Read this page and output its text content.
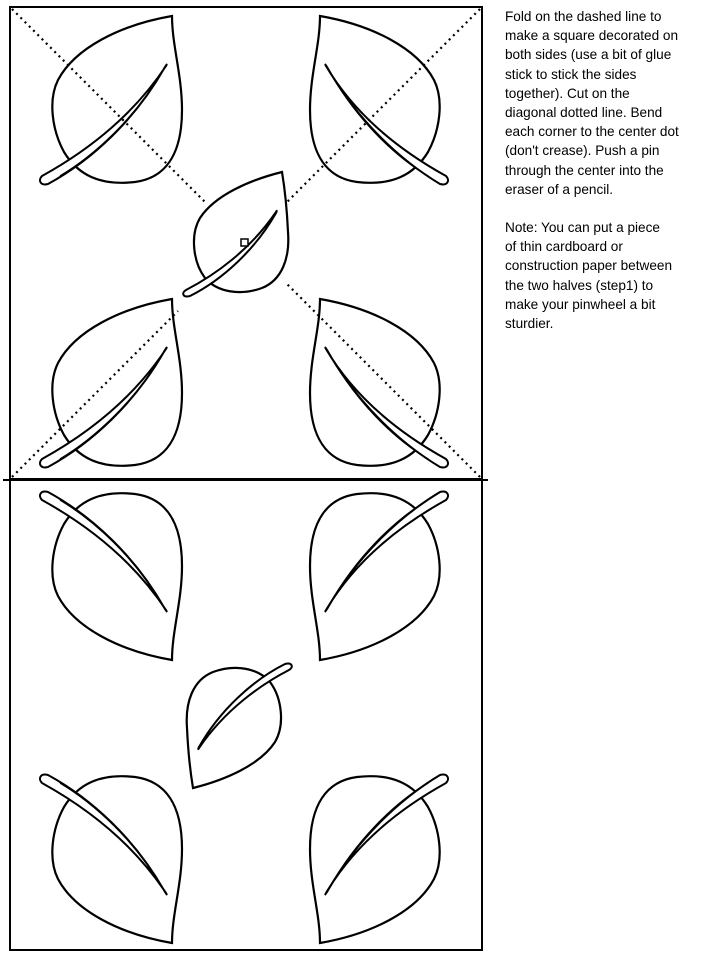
Fold on the dashed line to
make a square decorated on
both sides (use a bit of glue
stick to stick the sides
together). Cut on the
diagonal dotted line. Bend
each corner to the center dot
(don't crease). Push a pin
through the center into the
eraser of a pencil.

Note: You can put a piece
of thin cardboard or
construction paper between
the two halves (step1) to
make your pinwheel a bit
sturdier.
